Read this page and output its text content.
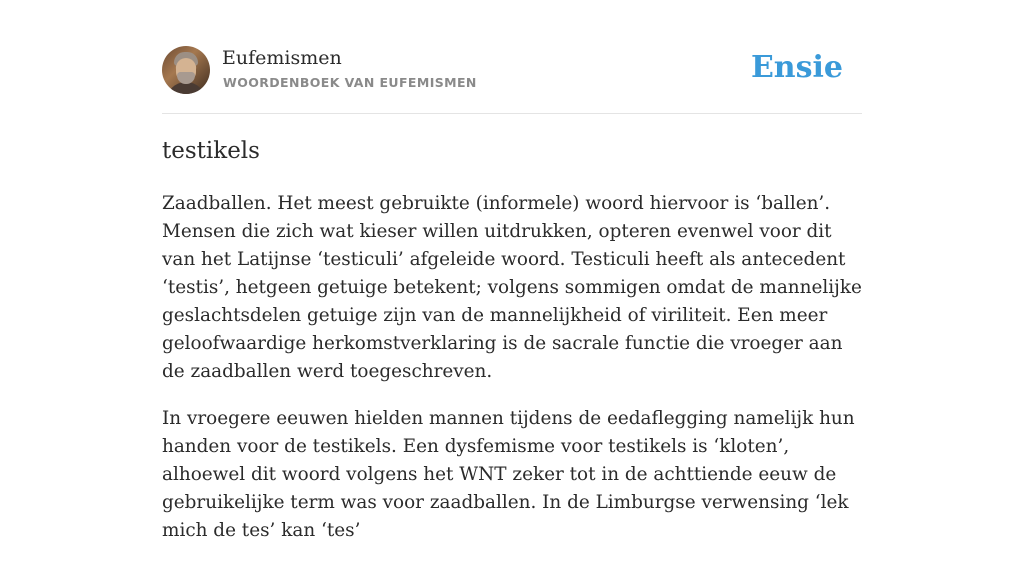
Eufemismen
WOORDENBOEK VAN EUFEMISMEN	Ensie
testikels

Zaadballen. Het meest gebruikte (informele) woord hiervoor is ‘ballen’. Mensen die zich wat kieser willen uitdrukken, opteren evenwel voor dit van het Latijnse ‘testiculi’ afgeleide woord. Testiculi heeft als antecedent ‘testis’, hetgeen getuige betekent; volgens sommigen omdat de mannelijke geslachtsdelen getuige zijn van de mannelijkheid of viriliteit. Een meer geloofwaardige herkomstverklaring is de sacrale functie die vroeger aan de zaadballen werd toegeschreven.

In vroegere eeuwen hielden mannen tijdens de eedaflegging namelijk hun handen voor de testikels. Een dysfemisme voor testikels is ‘kloten’, alhoewel dit woord volgens het WNT zeker tot in de achttiende eeuw de gebruikelijke term was voor zaadballen. In de Limburgse verwensing ‘lek mich de tes’ kan ‘tes’
